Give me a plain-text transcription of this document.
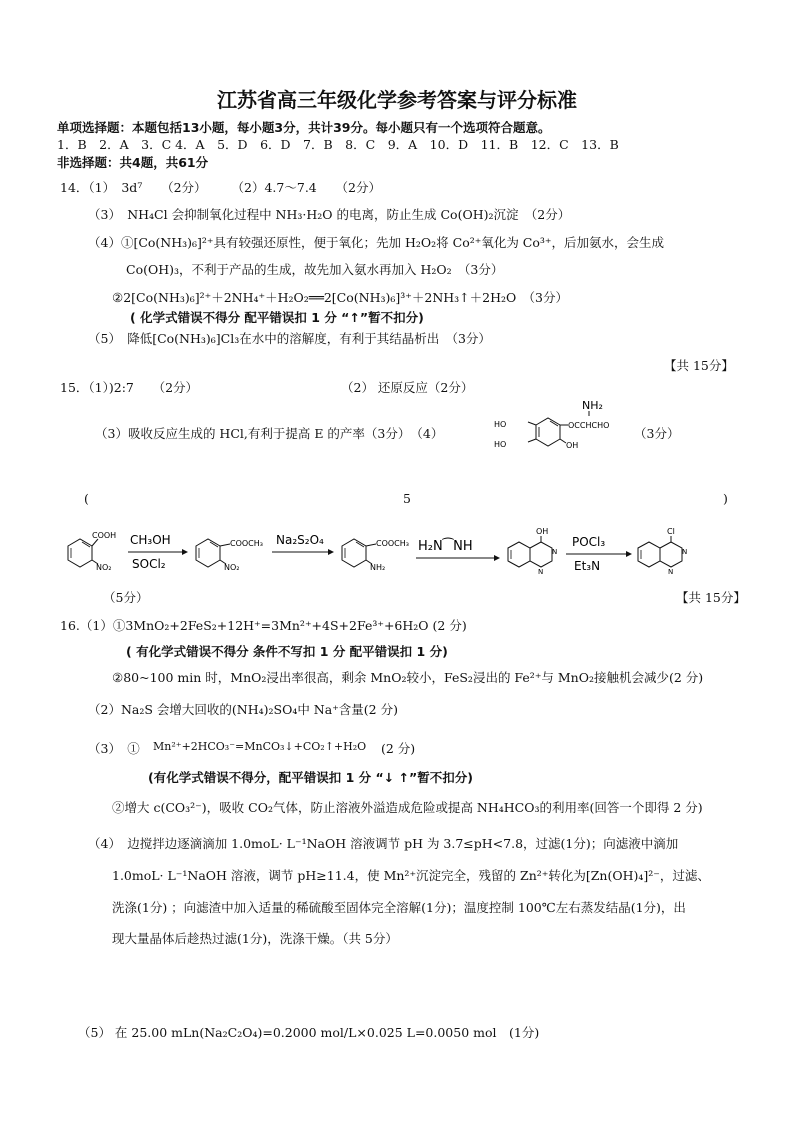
江苏省高三年级化学参考答案与评分标准
单项选择题：本题包括13小题，每小题3分，共计39分。每小题只有一个选项符合题意。
1．B　2．A　3．C 4．A　5．D　6．D　7．B　8．C　9．A　10．D　11．B　12．C　13．B
非选择题：共4题，共61分
14．（1）　3d⁷　　（2分）　　　（2）4.7～7.4　　（2分）
（3）　NH₄Cl 会抑制氧化过程中 NH₃·H₂O 的电离，防止生成 Co(OH)₂沉淀　（2分）
（4）①[Co(NH₃)₆]²⁺具有较强还原性，便于氧化；先加 H₂O₂将 Co²⁺氧化为 Co³⁺，后加氨水，会生成
Co(OH)₃，不利于产品的生成，故先加入氨水再加入 H₂O₂　（3分）
②2[Co(NH₃)₆]²⁺＋2NH₄⁺＋H₂O₂══2[Co(NH₃)₆]³⁺＋2NH₃↑＋2H₂O　（3分）
( 化学式错误不得分 配平错误扣 1 分 “↑”暂不扣分)
（5）　降低[Co(NH₃)₆]Cl₃在水中的溶解度，有利于其结晶析出　（3分）
【共 15分】
15．（1）)2:7　　（2分）	（2） 还原反应（2分）
（3）吸收反应生成的 HCl,有利于提高 E 的产率（3分）　（4）
NH₂
HO
HO	OH
OCCHCHO
（3分）
(	5	)
COOH
NO₂
CH₃OH
SOCl₂
COOCH₃
NO₂
Na₂S₂O₄	COOCH₃
NH₂
H₂N⁀NH
OH
N
N
POCl₃
Et₃N
Cl
N
N
（5分）	【共 15分】
16.（1）①3MnO₂+2FeS₂+12H⁺=3Mn²⁺+4S+2Fe³⁺+6H₂O (2 分)
( 有化学式错误不得分 条件不写扣 1 分 配平错误扣 1 分)
②80~100 min 时，MnO₂浸出率很高，剩余 MnO₂较小，FeS₂浸出的 Fe²⁺与 MnO₂接触机会减少(2 分)
（2）Na₂S 会增大回收的(NH₄)₂SO₄中 Na⁺含量(2 分)
（3）　① Mn²⁺+2HCO₃⁻=MnCO₃↓+CO₂↑+H₂O (2 分)
(有化学式错误不得分，配平错误扣 1 分 “↓ ↑”暂不扣分)
②增大 c(CO₃²⁻)，吸收 CO₂气体，防止溶液外溢造成危险或提高 NH₄HCO₃的利用率(回答一个即得 2 分)
（4）　边搅拌边逐滴滴加 1.0moL· L⁻¹NaOH 溶液调节 pH 为 3.7≤pH<7.8，过滤(1分)；向滤液中滴加
1.0moL· L⁻¹NaOH 溶液，调节 pH≥11.4，使 Mn²⁺沉淀完全，残留的 Zn²⁺转化为[Zn(OH)₄]²⁻，过滤、
洗涤(1分) ；向滤渣中加入适量的稀硫酸至固体完全溶解(1分)；温度控制 100℃左右蒸发结晶(1分)，出
现大量晶体后趁热过滤(1分)，洗涤干燥。（共 5分）
（5） 在 25.00 mLn(Na₂C₂O₄)=0.2000 mol/L×0.025 L=0.0050 mol　(1分)
